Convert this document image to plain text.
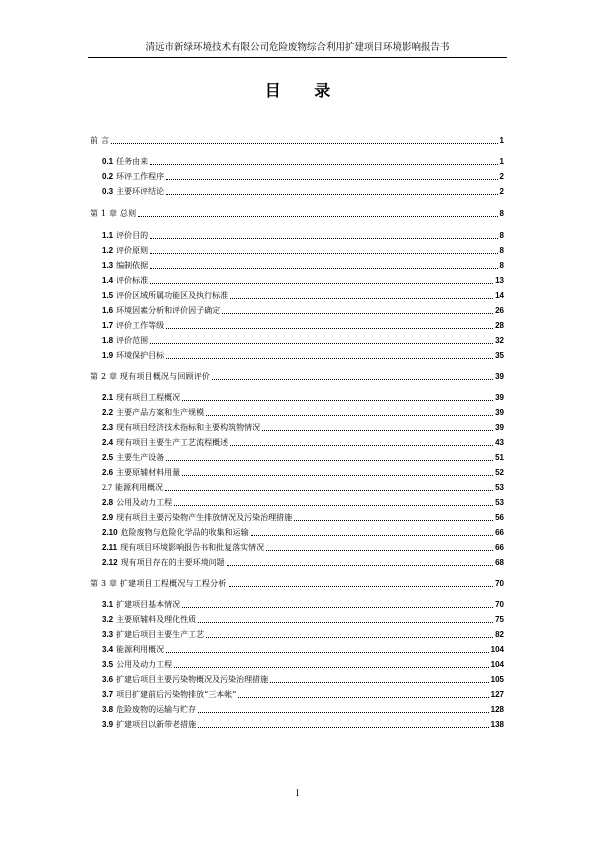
清远市新绿环境技术有限公司危险废物综合利用扩建项目环境影响报告书
目 录
前 言	1
0.1 任务由来	1
0.2 环评工作程序	2
0.3 主要环评结论	2
第 1 章 总则	8
1.1 评价目的	8
1.2 评价原则	8
1.3 编制依据	8
1.4 评价标准	13
1.5 评价区域所属功能区及执行标准	14
1.6 环境因素分析和评价因子确定	26
1.7 评价工作等级	28
1.8 评价范围	32
1.9 环境保护目标	35
第 2 章 现有项目概况与回顾评价	39
2.1 现有项目工程概况	39
2.2 主要产品方案和生产规模	39
2.3 现有项目经济技术指标和主要构筑物情况	39
2.4 现有项目主要生产工艺流程概述	43
2.5 主要生产设备	51
2.6 主要原辅材料用量	52
2.7 能源利用概况	53
2.8 公用及动力工程	53
2.9 现有项目主要污染物产生排放情况及污染治理措施	56
2.10 危险废物与危险化学品的收集和运输	66
2.11 现有项目环境影响报告书和批复落实情况	66
2.12 现有项目存在的主要环境问题	68
第 3 章 扩建项目工程概况与工程分析	70
3.1 扩建项目基本情况	70
3.2 主要原辅料及理化性质	75
3.3 扩建后项目主要生产工艺	82
3.4 能源利用概况	104
3.5 公用及动力工程	104
3.6 扩建后项目主要污染物概况及污染治理措施	105
3.7 项目扩建前后污染物排放“三本帐”	127
3.8 危险废物的运输与贮存	128
3.9 扩建项目以新带老措施	138
I
